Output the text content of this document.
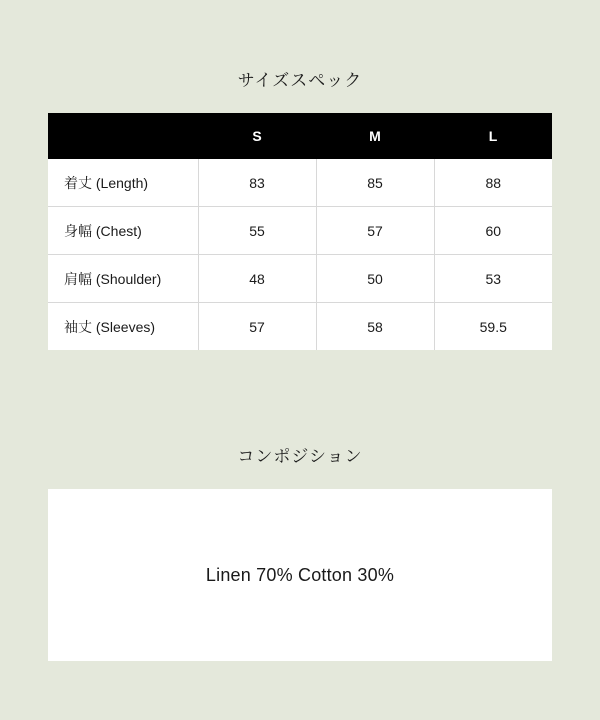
サイズスペック
	S	M	L
着丈 (Length)	83	85	88
身幅 (Chest)	55	57	60
肩幅 (Shoulder)	48	50	53
袖丈 (Sleeves)	57	58	59.5
コンポジション
Linen 70% Cotton 30%
